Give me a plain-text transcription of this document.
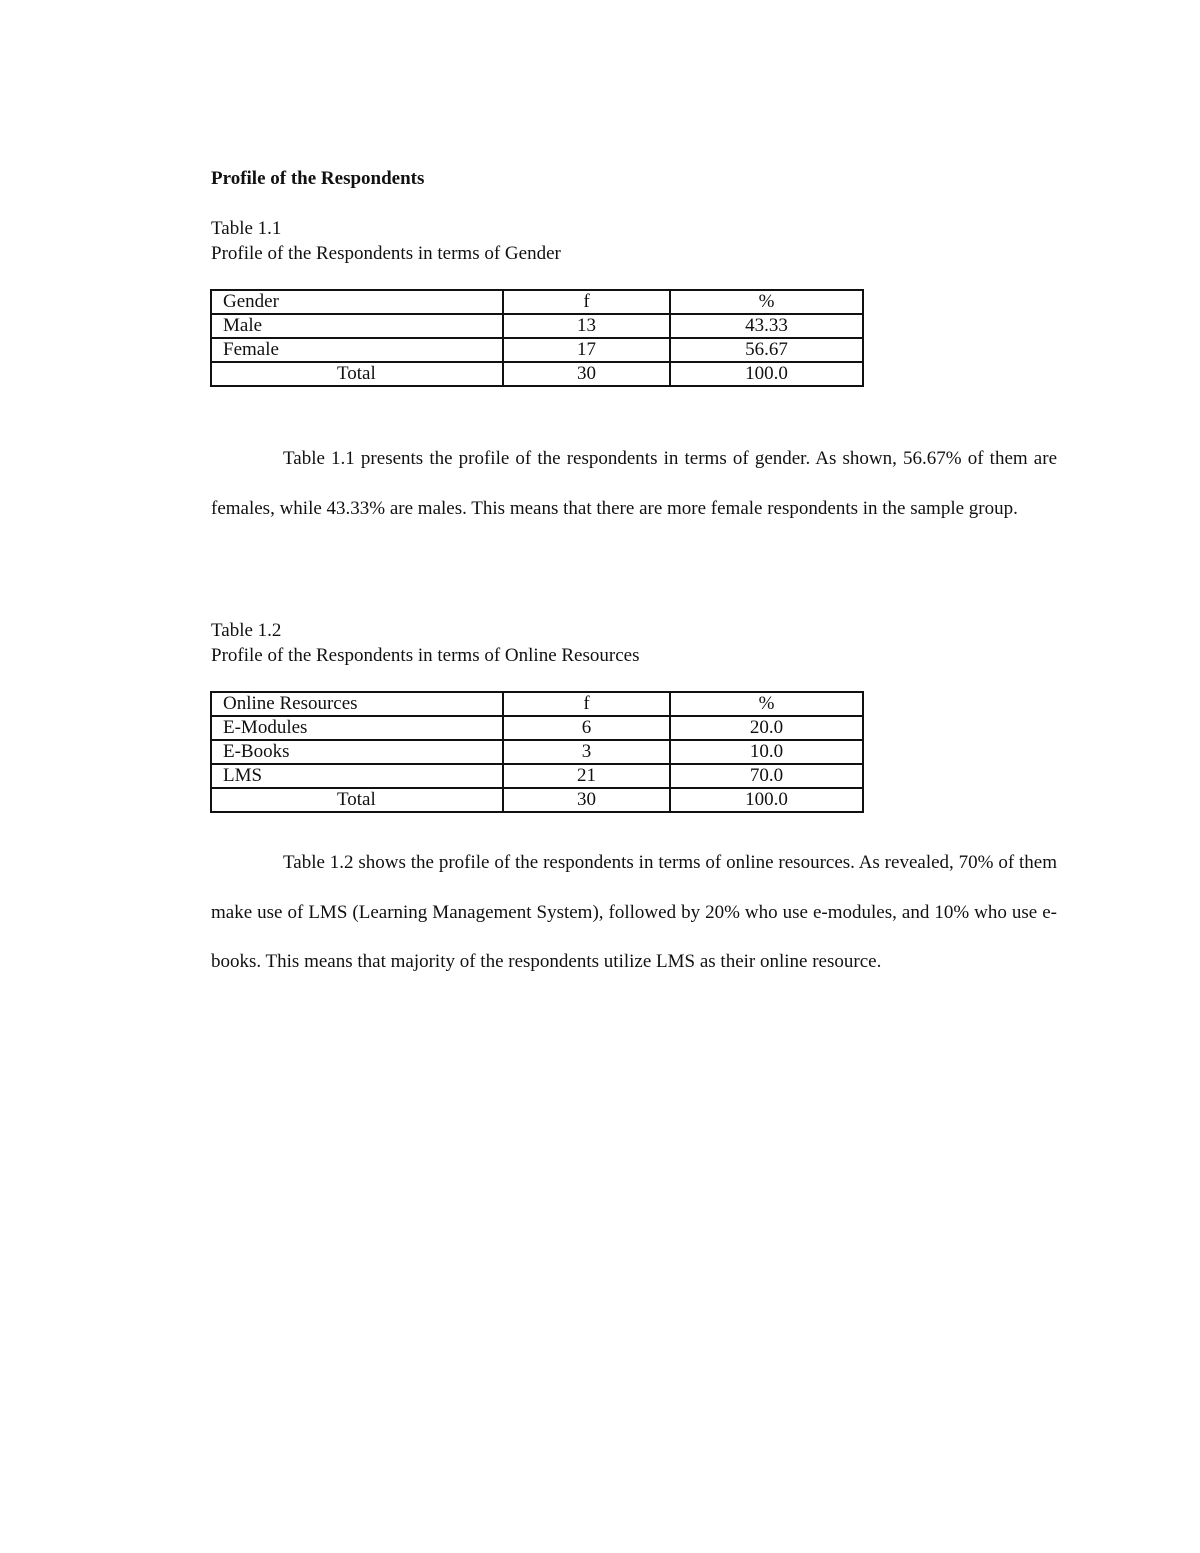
Profile of the Respondents
Table 1.1
Profile of the Respondents in terms of Gender
Gender	f	%
Male	13	43.33
Female	17	56.67
Total	30	100.0
Table 1.1 presents the profile of the respondents in terms of gender. As shown, 56.67% of them are females, while 43.33% are males. This means that there are more female respondents in the sample group.
Table 1.2
Profile of the Respondents in terms of Online Resources
Online Resources	f	%
E-Modules	6	20.0
E-Books	3	10.0
LMS	21	70.0
Total	30	100.0
Table 1.2 shows the profile of the respondents in terms of online resources. As revealed, 70% of them make use of LMS (Learning Management System), followed by 20% who use e-modules, and 10% who use e-books. This means that majority of the respondents utilize LMS as their online resource.
